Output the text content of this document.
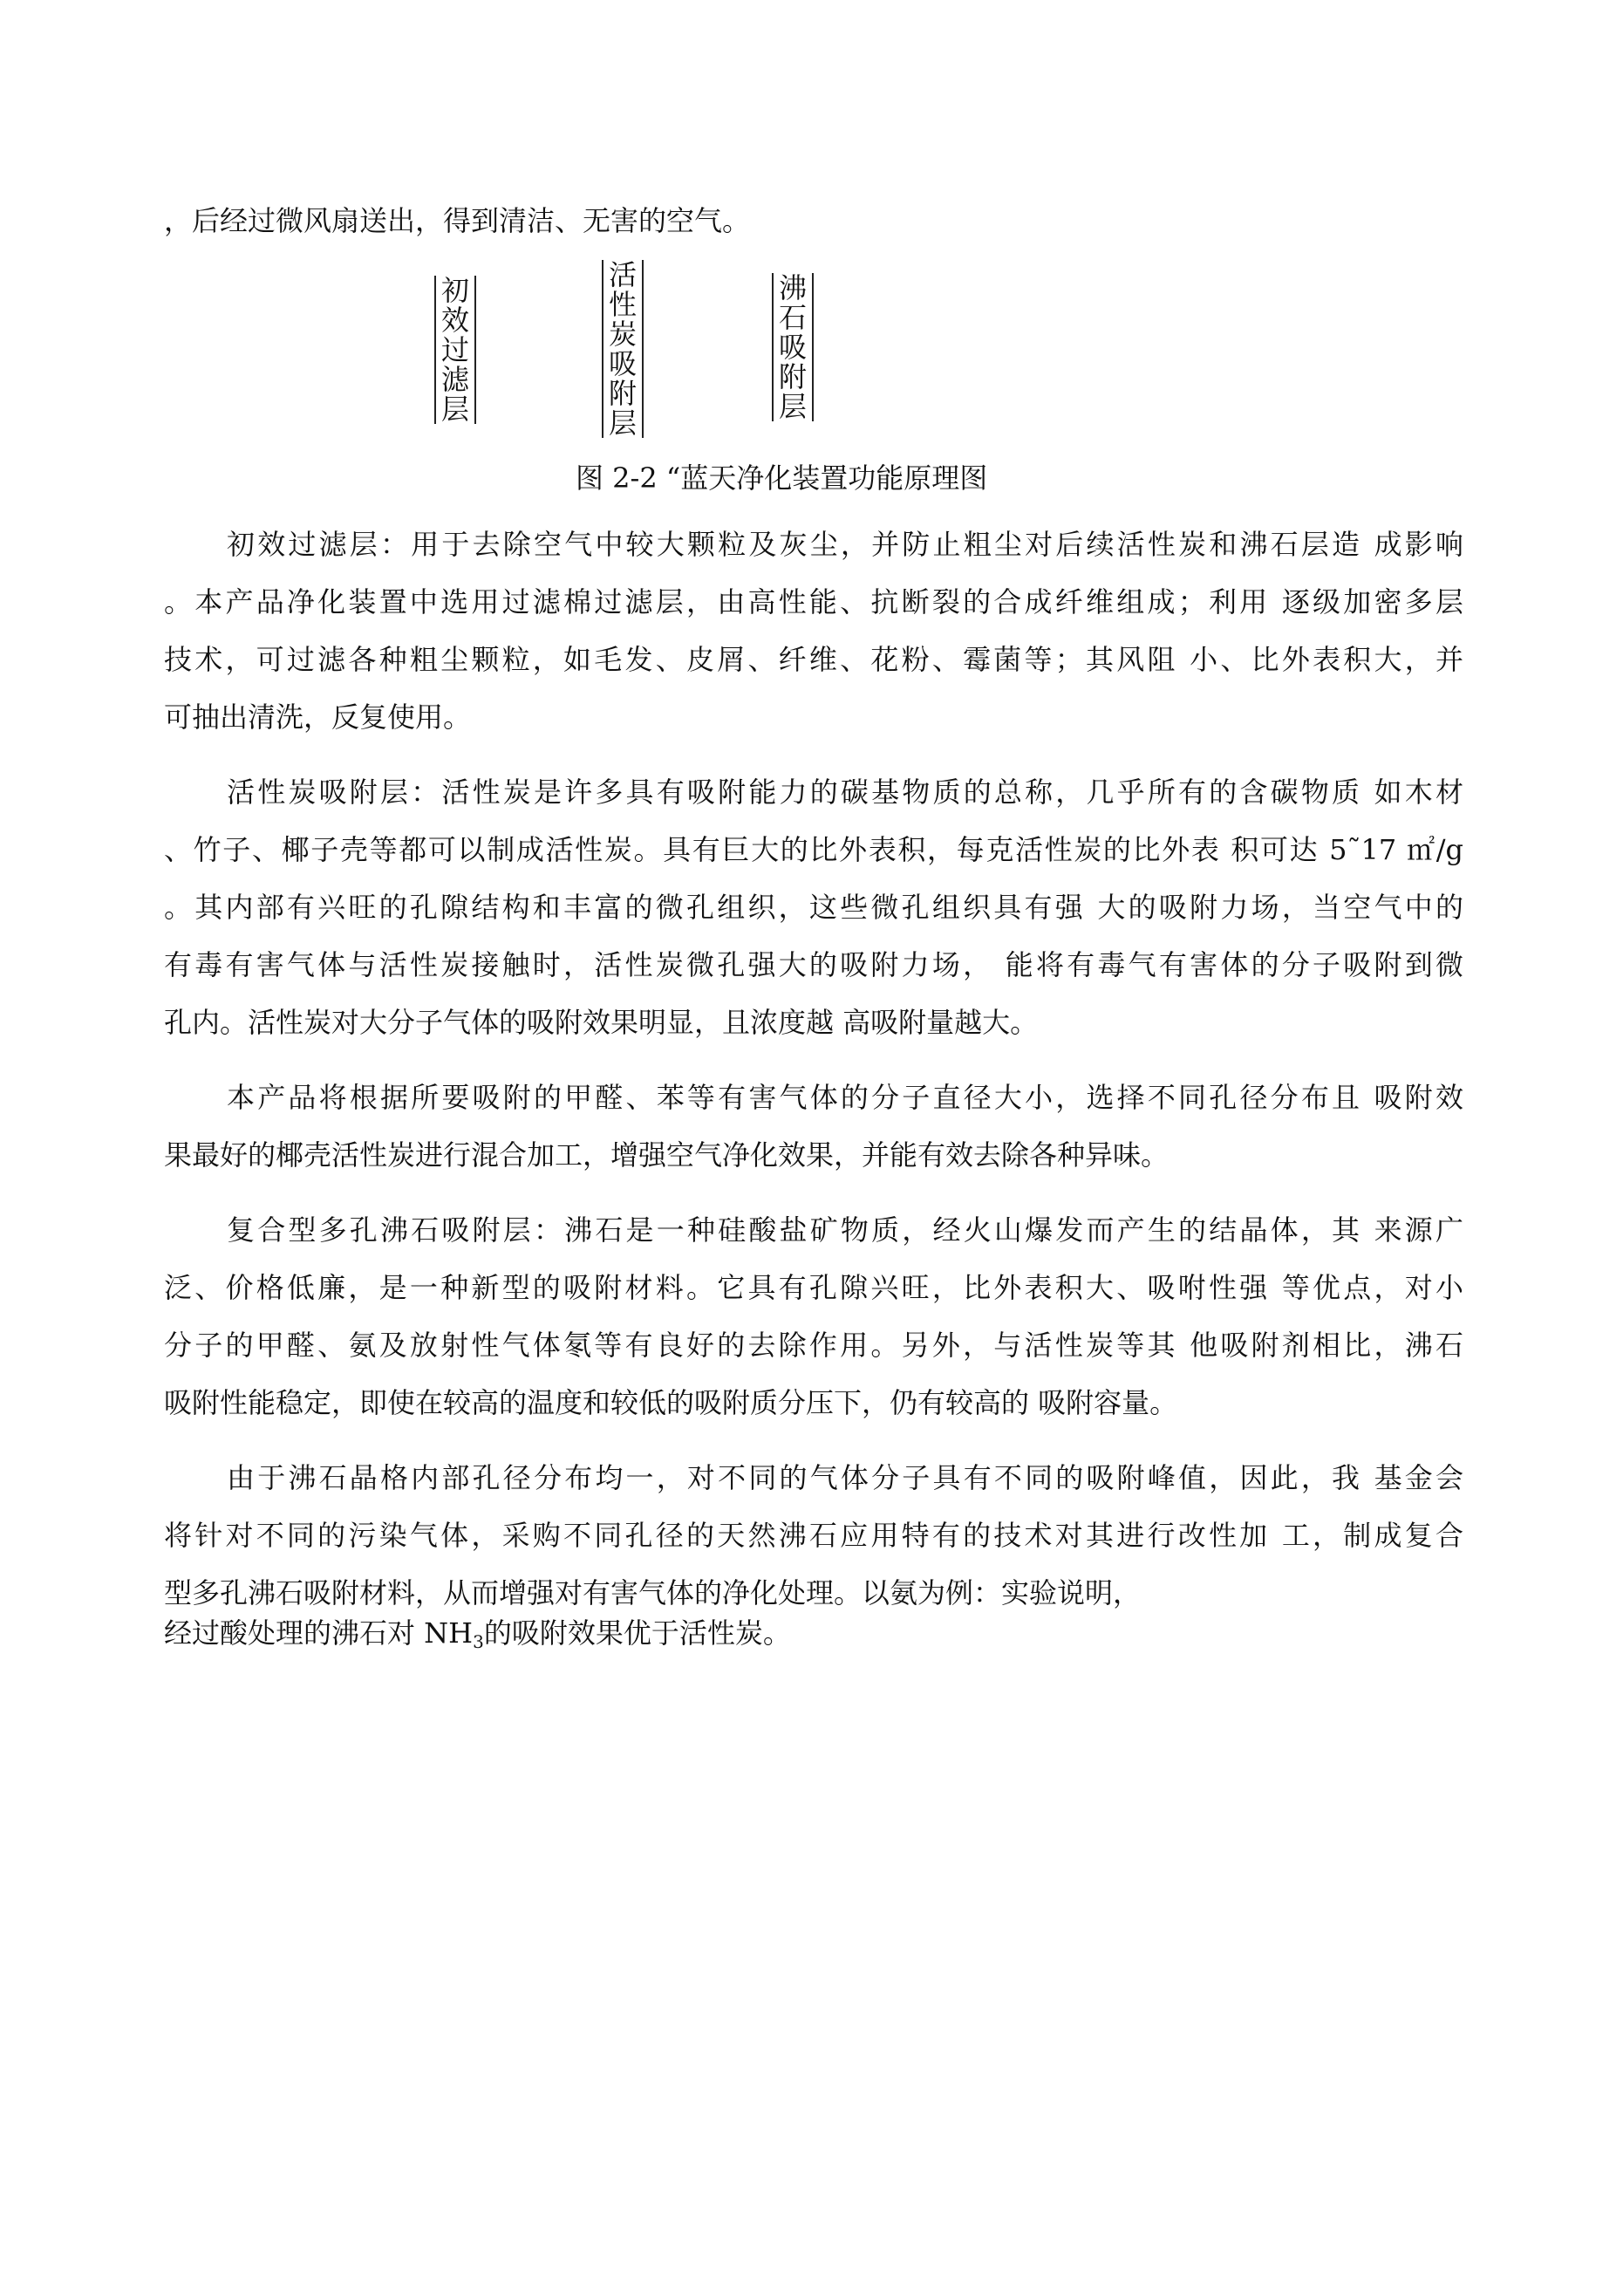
，后经过微风扇送出，得到清洁、无害的空气。
初
效
过
滤
层
活
性
炭
吸
附
层
沸
石
吸
附
层
图 2-2 “蓝天净化装置功能原理图
初效过滤层：用于去除空气中较大颗粒及灰尘，并防止粗尘对后续活性炭和沸石层造 成影响
。本产品净化装置中选用过滤棉过滤层，由高性能、抗断裂的合成纤维组成；利用 逐级加密多层
技术，可过滤各种粗尘颗粒，如毛发、皮屑、纤维、花粉、霉菌等；其风阻 小、比外表积大，并
可抽出清洗，反复使用。
活性炭吸附层：活性炭是许多具有吸附能力的碳基物质的总称，几乎所有的含碳物质 如木材
、竹子、椰子壳等都可以制成活性炭。具有巨大的比外表积，每克活性炭的比外表 积可达 5˜17 ㎡/g
。其内部有兴旺的孔隙结构和丰富的微孔组织，这些微孔组织具有强 大的吸附力场，当空气中的
有毒有害气体与活性炭接触时，活性炭微孔强大的吸附力场， 能将有毒气有害体的分子吸附到微
孔内。活性炭对大分子气体的吸附效果明显，且浓度越 高吸附量越大。
本产品将根据所要吸附的甲醛、苯等有害气体的分子直径大小，选择不同孔径分布且 吸附效
果最好的椰壳活性炭进行混合加工，增强空气净化效果，并能有效去除各种异味。
复合型多孔沸石吸附层：沸石是一种硅酸盐矿物质，经火山爆发而产生的结晶体，其 来源广
泛、价格低廉，是一种新型的吸附材料。它具有孔隙兴旺，比外表积大、吸咐性强 等优点，对小
分子的甲醛、氨及放射性气体氡等有良好的去除作用。另外，与活性炭等其 他吸附剂相比，沸石
吸附性能稳定，即使在较高的温度和较低的吸附质分压下，仍有较高的 吸附容量。
由于沸石晶格内部孔径分布均一，对不同的气体分子具有不同的吸附峰值，因此，我 基金会
将针对不同的污染气体，采购不同孔径的天然沸石应用特有的技术对其进行改性加 工，制成复合
型多孔沸石吸附材料，从而增强对有害气体的净化处理。以氨为例：实验说明，
经过酸处理的沸石对 $NH_3$的吸附效果优于活性炭。
